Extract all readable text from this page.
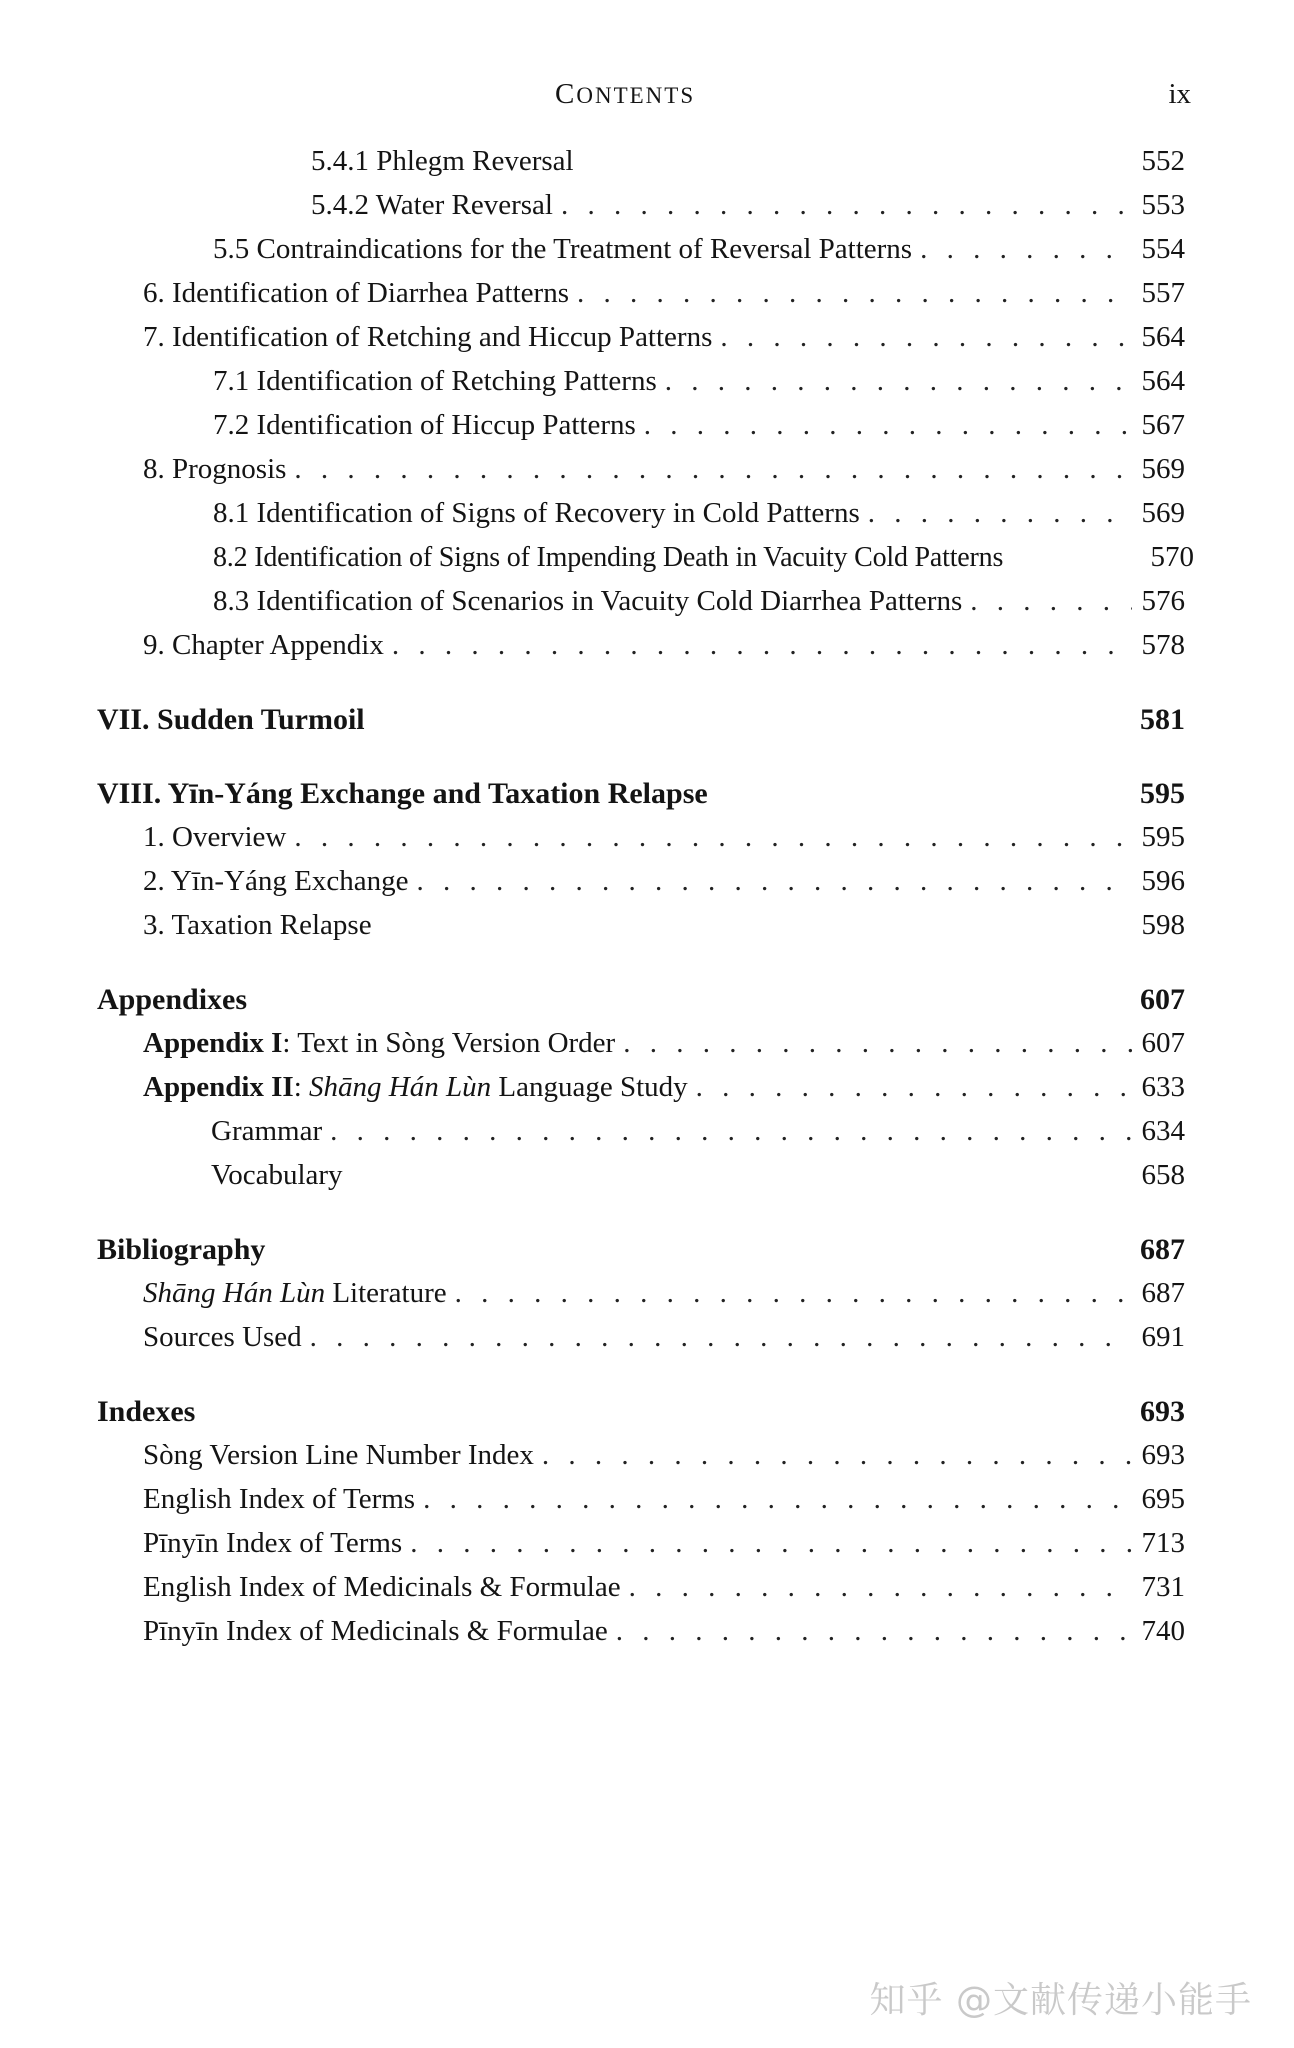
CONTENTS	ix
5.4.1 Phlegm Reversal	552
5.4.2 Water Reversal . . .	553
5.5 Contraindications for the Treatment of Reversal Patterns . . .	554
6. Identification of Diarrhea Patterns . . .	557
7. Identification of Retching and Hiccup Patterns . . .	564
7.1 Identification of Retching Patterns . . .	564
7.2 Identification of Hiccup Patterns . . .	567
8. Prognosis . . .	569
8.1 Identification of Signs of Recovery in Cold Patterns . . .	569
8.2 Identification of Signs of Impending Death in Vacuity Cold Patterns	570
8.3 Identification of Scenarios in Vacuity Cold Diarrhea Patterns . . .	576
9. Chapter Appendix . . .	578
VII. Sudden Turmoil	581
VIII. Yīn-Yáng Exchange and Taxation Relapse	595
1. Overview . . .	595
2. Yīn-Yáng Exchange . . .	596
3. Taxation Relapse	598
Appendixes	607
Appendix I: Text in Sòng Version Order . . .	607
Appendix II: Shāng Hán Lùn Language Study . . .	633
Grammar . . .	634
Vocabulary	658
Bibliography	687
Shāng Hán Lùn Literature . . .	687
Sources Used . . .	691
Indexes	693
Sòng Version Line Number Index . . .	693
English Index of Terms . . .	695
Pīnyīn Index of Terms . . .	713
English Index of Medicinals & Formulae . . .	731
Pīnyīn Index of Medicinals & Formulae . . .	740
知乎 @文献传递小能手
